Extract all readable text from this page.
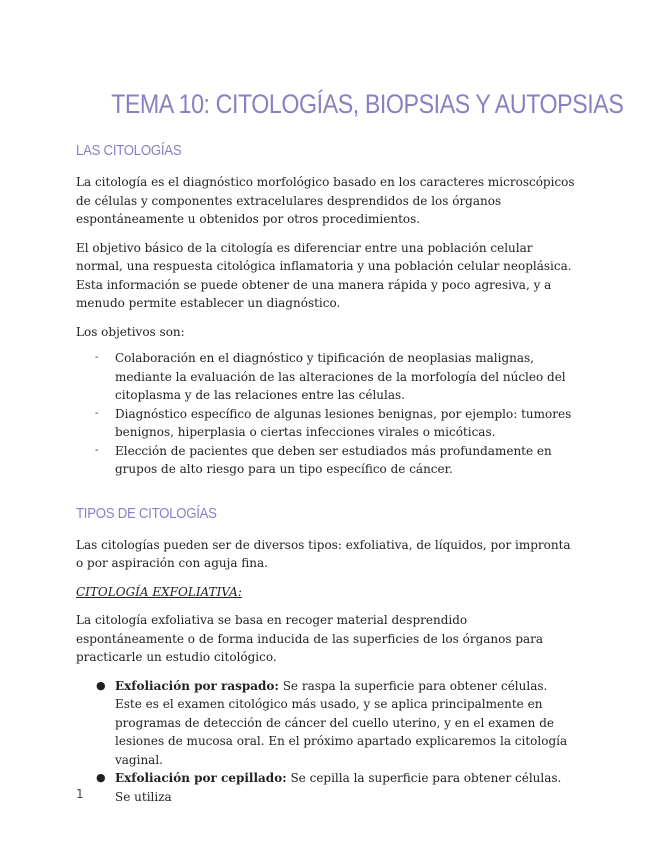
TEMA 10: CITOLOGÍAS, BIOPSIAS Y AUTOPSIAS
LAS CITOLOGÍAS

La citología es el diagnóstico morfológico basado en los caracteres microscópicos de células y componentes extracelulares desprendidos de los órganos espontáneamente u obtenidos por otros procedimientos.

El objetivo básico de la citología es diferenciar entre una población celular normal, una respuesta citológica inflamatoria y una población celular neoplásica. Esta información se puede obtener de una manera rápida y poco agresiva, y a menudo permite establecer un diagnóstico.

Los objetivos son:

- Colaboración en el diagnóstico y tipificación de neoplasias malignas, mediante la evaluación de las alteraciones de la morfología del núcleo del citoplasma y de las relaciones entre las células.
- Diagnóstico específico de algunas lesiones benignas, por ejemplo: tumores benignos, hiperplasia o ciertas infecciones virales o micóticas.
- Elección de pacientes que deben ser estudiados más profundamente en grupos de alto riesgo para un tipo específico de cáncer.
TIPOS DE CITOLOGÍAS

Las citologías pueden ser de diversos tipos: exfoliativa, de líquidos, por impronta o por aspiración con aguja fina.

CITOLOGÍA EXFOLIATIVA:

La citología exfoliativa se basa en recoger material desprendido espontáneamente o de forma inducida de las superficies de los órganos para practicarle un estudio citológico.

● Exfoliación por raspado: Se raspa la superficie para obtener células. Este es el examen citológico más usado, y se aplica principalmente en programas de detección de cáncer del cuello uterino, y en el examen de lesiones de mucosa oral. En el próximo apartado explicaremos la citología vaginal.
● Exfoliación por cepillado: Se cepilla la superficie para obtener células. Se utiliza
1
